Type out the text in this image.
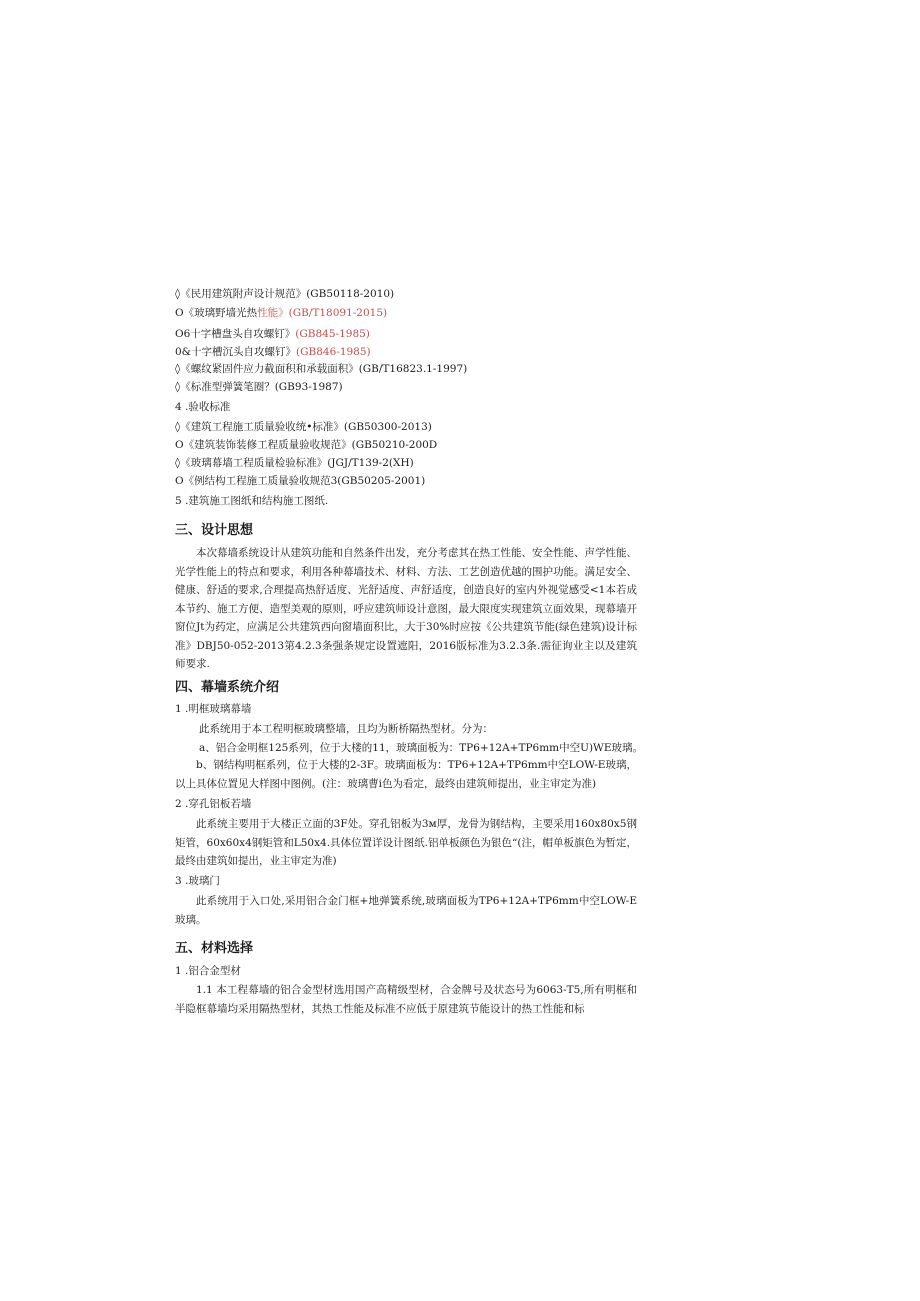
◊《民用建筑附声设计规范》(GB50118-2010)
O《玻璃野墙光热性能》(GB/T18091-2015)
O6十字槽盘头自攻螺钉》(GB845-1985)
0&十字槽沉头自攻螺钉》(GB846-1985)
◊《螺纹紧固件应力截面积和承载面积》(GB/T16823.1-1997)
◊《标准型弹簧笔圈？(GB93-1987)
4 .验收标准
◊《建筑工程施工质量验收统•标准》(GB50300-2013)
O《建筑装饰装修工程质量验收规范》(GB50210-200D
◊《玻璃幕墙工程质量检验标准》(JGJ/T139-2(XH)
O《例结构工程施工质量验收规范3(GB50205-2001)
5 .建筑施工图纸和结构施工图纸.
三、设计思想
本次幕墙系统设计从建筑功能和自然条件出发，充分考虑其在热工性能、安全性能、声学性能、光学性能上的特点和要求，利用各种幕墙技术、材料、方法、工艺创造优越的围护功能。满足安全、健康、舒适的要求,合理提高热舒适度、光舒适度、声舒适度，创造良好的室内外视觉感受<1本若成本节约、施工方便、造型美观的原则，呼应建筑师设计意图，最大限度实现建筑立面效果，现幕墙开窗位Jt为药定，应满足公共建筑西向窗墙面积比，大于30%时应按《公共建筑节能(绿色建筑)设计标准》DBJ50-052-2013第4.2.3条强条规定设置遮阳，2016版标准为3.2.3条.需征询业主以及建筑师要求.
四、幕墙系统介绍
1 .明框玻璃幕墙
此系统用于本工程明框玻璃整墙，且均为断桥隔热型材。分为：
a、铝合金明框125系列，位于大楼的11，玻璃面板为：TP6+12A+TP6mm中空U)WE玻璃。
b、钢结构明框系列，位于大楼的2-3F。玻璃面板为：TP6+12A+TP6mm中空LOW-E玻璃，以上具体位置见大样图中图例。(注：玻璃曹i色为看定，最终由建筑师提出，业主审定为准)
2 .穿孔铝板若墙
此系统主要用于大楼正立面的3F处。穿孔铝板为3м厚，龙骨为钢结构，主要采用160x80x5钢矩管，60x60x4钢矩管和L50x4.具体位置详设计图纸.铝单板颜色为银色“(注，帽单板旗色为暂定，最终由建筑如提出，业主审定为准)
3 .玻璃门
此系统用于入口处,采用铝合金门框+地弹簧系统,玻璃面板为TP6+12A+TP6mm中空LOW-E玻璃。
五、材料选择
1 .铝合金型材
1.1 本工程幕墙的铝合金型材选用国产高精级型材，合金牌号及状态号为6063-T5,所有明框和半隐框幕墙均采用隔热型材，其热工性能及标准不应低于原建筑节能设计的热工性能和标
